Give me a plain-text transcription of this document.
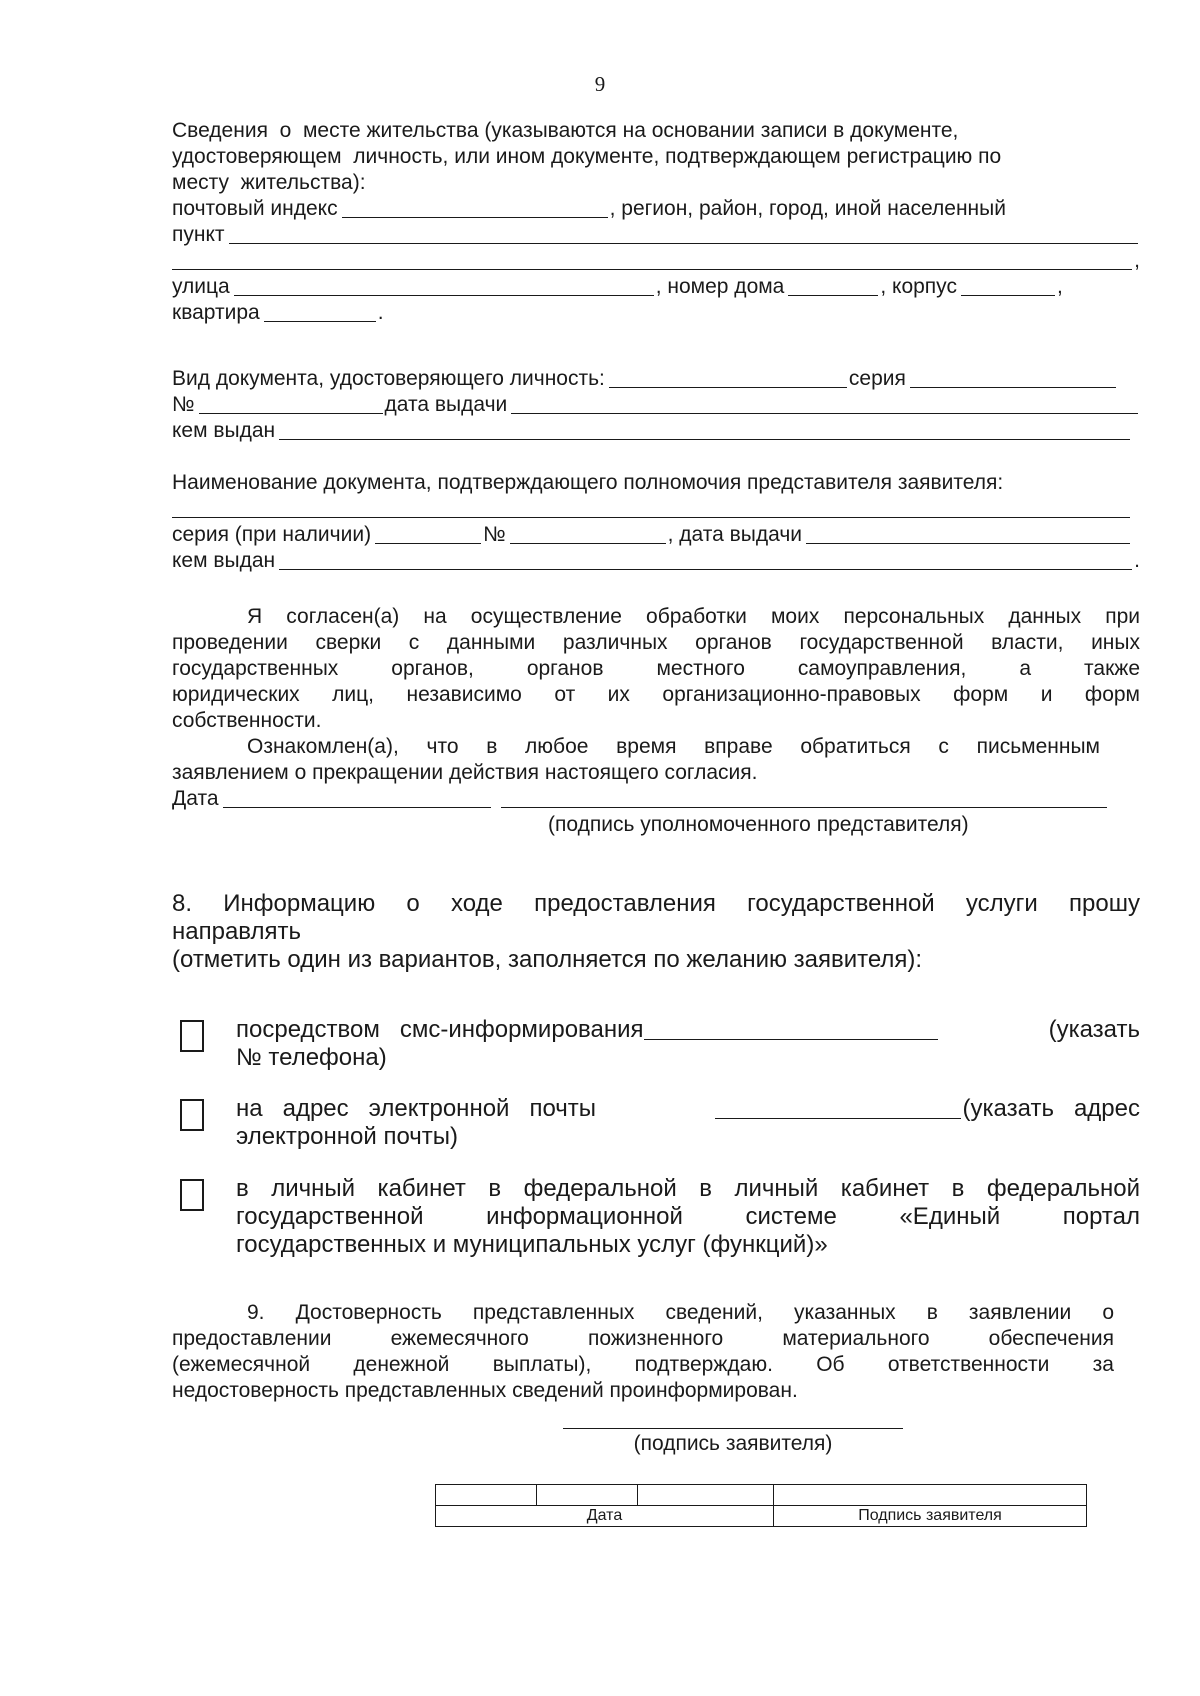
9
Сведения  о  месте жительства (указываются на основании записи в документе,
удостоверяющем  личность, или ином документе, подтверждающем регистрацию по
месту  жительства):
почтовый индекс	, регион, район, город, иной населенный
пункт
,
улица	, номер дома	, корпус	,
квартира	.
Вид документа, удостоверяющего личность:	серия
№	дата выдачи
кем выдан
Наименование документа, подтверждающего полномочия представителя заявителя:
серия (при наличии)	№	, дата выдачи
кем выдан	.
Я согласен(а) на осуществление обработки моих персональных данных при
проведении сверки с данными различных органов государственной власти, иных
государственных органов, органов местного самоуправления, а также
юридических лиц, независимо от их организационно-правовых форм и форм
собственности.
Ознакомлен(а), что в любое время вправе обратиться с письменным
заявлением о прекращении действия настоящего согласия.
Дата
(подпись уполномоченного представителя)
8. Информацию о ходе предоставления государственной услуги прошу
направлять
(отметить один из вариантов, заполняется по желанию заявителя):
посредством   смс-информирования	(указать
№ телефона)
на   адрес   электронной   почты	(указать   адрес
электронной почты)
в личный кабинет в федеральной в личный кабинет в федеральной
государственной информационной системе «Единый портал
государственных и муниципальных услуг (функций)»
9. Достоверность представленных сведений, указанных в заявлении о
предоставлении ежемесячного пожизненного материального обеспечения
(ежемесячной денежной выплаты), подтверждаю. Об ответственности за
недостоверность представленных сведений проинформирован.
(подпись заявителя)

Дата			Подпись заявителя
